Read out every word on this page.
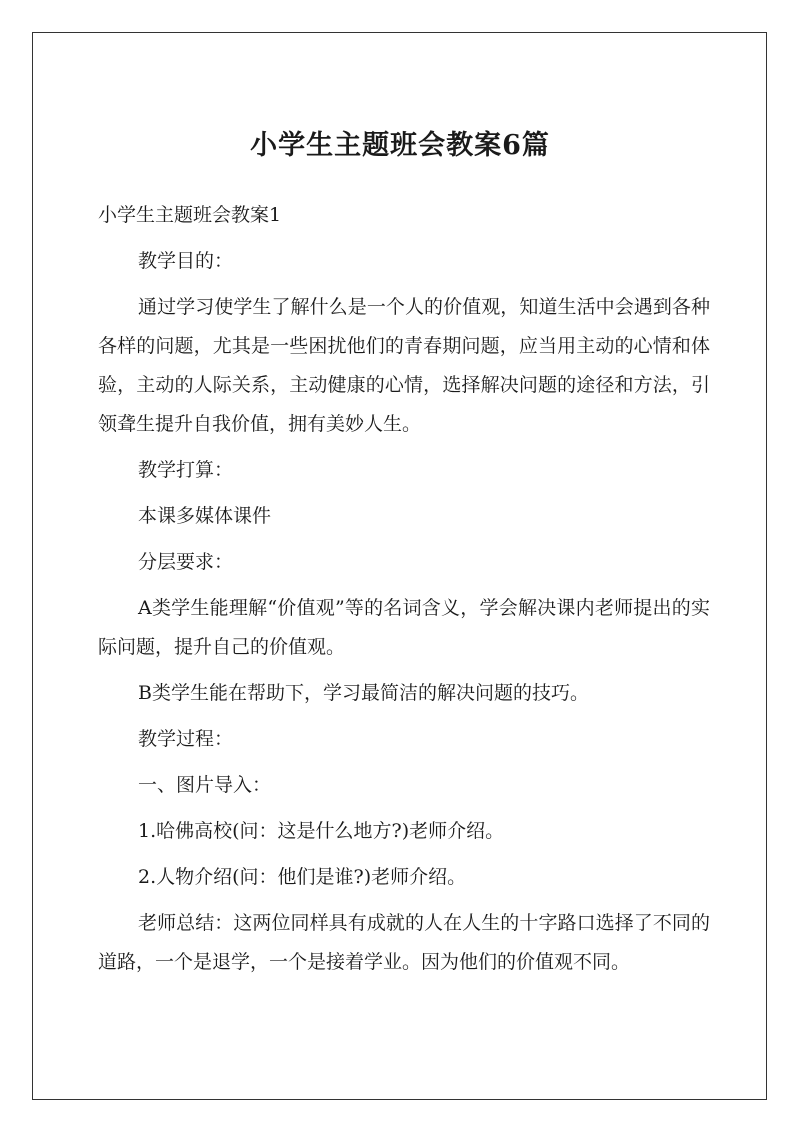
小学生主题班会教案6篇

小学生主题班会教案1

教学目的：

通过学习使学生了解什么是一个人的价值观，知道生活中会遇到各种各样的问题，尤其是一些困扰他们的青春期问题，应当用主动的心情和体验，主动的人际关系，主动健康的心情，选择解决问题的途径和方法，引领聋生提升自我价值，拥有美妙人生。

教学打算：

本课多媒体课件

分层要求：

A类学生能理解“价值观”等的名词含义，学会解决课内老师提出的实际问题，提升自己的价值观。

B类学生能在帮助下，学习最简洁的解决问题的技巧。

教学过程：

一、图片导入：

1.哈佛高校(问：这是什么地方?)老师介绍。

2.人物介绍(问：他们是谁?)老师介绍。

老师总结：这两位同样具有成就的人在人生的十字路口选择了不同的道路，一个是退学，一个是接着学业。因为他们的价值观不同。
